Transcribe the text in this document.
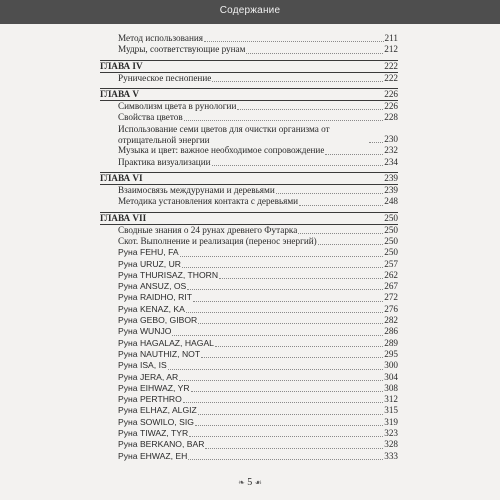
Содержание
Метод использования	211
Мудры, соответствующие рунам	212
ГЛАВА IV	222
Руническое песнопение	222
ГЛАВА V	226
Символизм цвета в рунологии	226
Свойства цветов	228
Использование семи цветов для очистки организма от отрицательной энергии	230
Музыка и цвет: важное необходимое сопровождение	232
Практика визуализации	234
ГЛАВА VI	239
Взаимосвязь междурунами и деревьями	239
Методика установления контакта с деревьями	248
ГЛАВА VII	250
Сводные знания о 24 рунах древнего Футарка	250
Скот. Выполнение и реализация (перенос энергий)	250
Руна FEHU, FA	250
Руна URUZ, UR	257
Руна THURISAZ, THORN	262
Руна ANSUZ, OS	267
Руна RAIDHO, RIT	272
Руна KENAZ, KA	276
Руна GEBO, GIBOR	282
Руна WUNJO	286
Руна HAGALAZ, HAGAL	289
Руна NAUTHIZ, NOT	295
Руна ISA, IS	300
Руна JERA, AR	304
Руна EIHWAZ, YR	308
Руна PERTHRO	312
Руна ELHAZ, ALGIZ	315
Руна SOWILO, SIG	319
Руна TIWAZ, TYR	323
Руна BERKANO, BAR	328
Руна EHWAZ, EH	333
❧ 5 ☙
